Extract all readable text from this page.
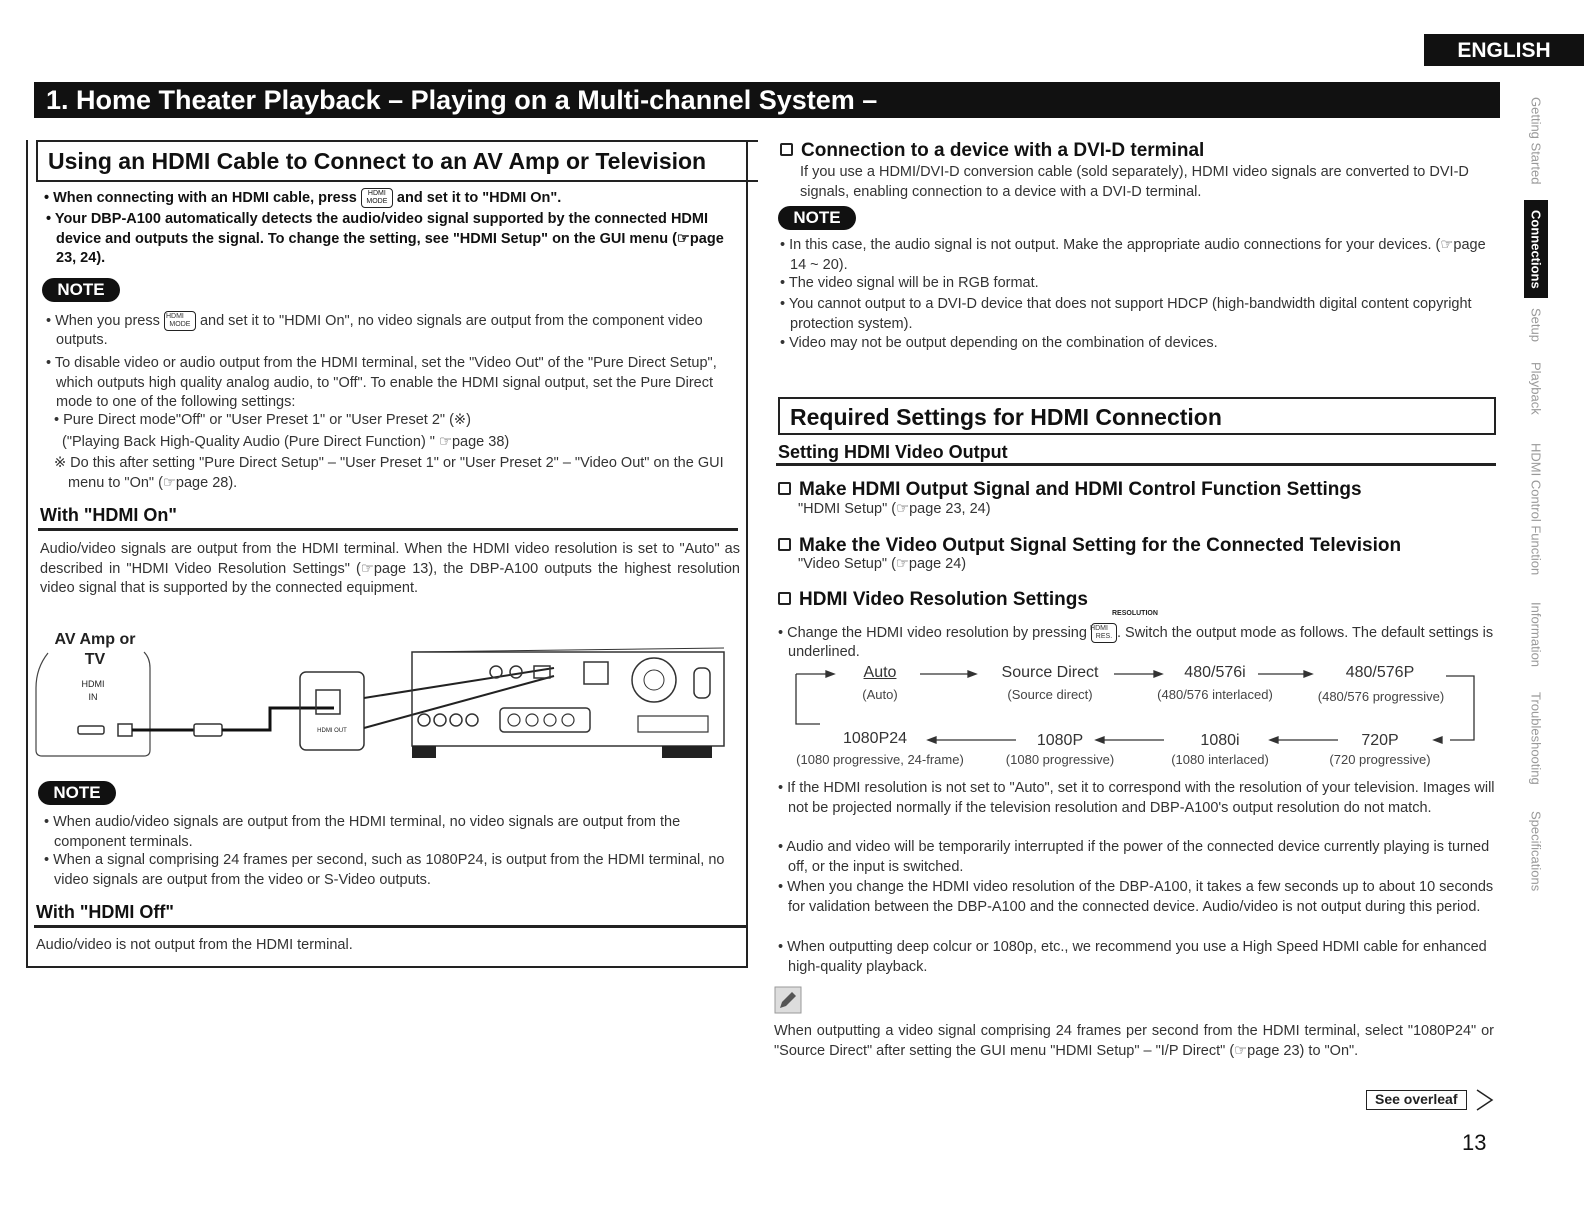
ENGLISH
1. Home Theater Playback – Playing on a Multi-channel System –
Using an HDMI Cable to Connect to an AV Amp or Television
• When connecting with an HDMI cable, press HDMI MODE and set it to "HDMI On".
• Your DBP-A100 automatically detects the audio/video signal supported by the connected HDMI device and outputs the signal. To change the setting, see "HDMI Setup" on the GUI menu (☞page 23, 24).
NOTE
• When you press HDMI MODE and set it to "HDMI On", no video signals are output from the component video outputs.
• To disable video or audio output from the HDMI terminal, set the "Video Out" of the "Pure Direct Setup", which outputs high quality analog audio, to "Off". To enable the HDMI signal output, set the Pure Direct mode to one of the following settings:
• Pure Direct mode"Off" or "User Preset 1" or "User Preset 2" (※)
("Playing Back High-Quality Audio (Pure Direct Function) " ☞page 38)
※ Do this after setting "Pure Direct Setup" – "User Preset 1" or "User Preset 2" – "Video Out" on the GUI menu to "On" (☞page 28).
With "HDMI On"
Audio/video signals are output from the HDMI terminal. When the HDMI video resolution is set to "Auto" as described in "HDMI Video Resolution Settings" (☞page 13), the DBP-A100 outputs the highest resolution video signal that is supported by the connected equipment.
AV Amp or TV
HDMI IN
HDMI OUT
NOTE
• When audio/video signals are output from the HDMI terminal, no video signals are output from the component terminals.
• When a signal comprising 24 frames per second, such as 1080P24, is output from the HDMI terminal, no video signals are output from the video or S-Video outputs.
With "HDMI Off"
Audio/video is not output from the HDMI terminal.
Connection to a device with a DVI-D terminal
If you use a HDMI/DVI-D conversion cable (sold separately), HDMI video signals are converted to DVI-D signals, enabling connection to a device with a DVI-D terminal.
NOTE
• In this case, the audio signal is not output. Make the appropriate audio connections for your devices. (☞page 14 ~ 20).
• The video signal will be in RGB format.
• You cannot output to a DVI-D device that does not support HDCP (high-bandwidth digital content copyright protection system).
• Video may not be output depending on the combination of devices.
Required Settings for HDMI Connection
Setting HDMI Video Output
Make HDMI Output Signal and HDMI Control Function Settings
"HDMI Setup" (☞page 23, 24)
Make the Video Output Signal Setting for the Connected Television
"Video Setup" (☞page 24)
HDMI Video Resolution Settings
RESOLUTION
• Change the HDMI video resolution by pressing HDMI RES. . Switch the output mode as follows. The default settings is underlined.
Auto
(Auto)
Source Direct
(Source direct)
480/576i
(480/576 interlaced)
480/576P
(480/576 progressive)
1080P24
(1080 progressive, 24-frame)
1080P
(1080 progressive)
1080i
(1080 interlaced)
720P
(720 progressive)
• If the HDMI resolution is not set to "Auto", set it to correspond with the resolution of your television. Images will not be projected normally if the television resolution and DBP-A100's output resolution do not match.
• Audio and video will be temporarily interrupted if the power of the connected device currently playing is turned off, or the input is switched.
• When you change the HDMI video resolution of the DBP-A100, it takes a few seconds up to about 10 seconds for validation between the DBP-A100 and the connected device. Audio/video is not output during this period.
• When outputting deep colcur or 1080p, etc., we recommend you use a High Speed HDMI cable for enhanced high-quality playback.
When outputting a video signal comprising 24 frames per second from the HDMI terminal, select "1080P24" or "Source Direct" after setting the GUI menu "HDMI Setup" – "I/P Direct" (☞page 23) to "On".
See overleaf
13
Getting Started
Connections
Setup
Playback
HDMI Control Function
Information
Troubleshooting
Specifications
